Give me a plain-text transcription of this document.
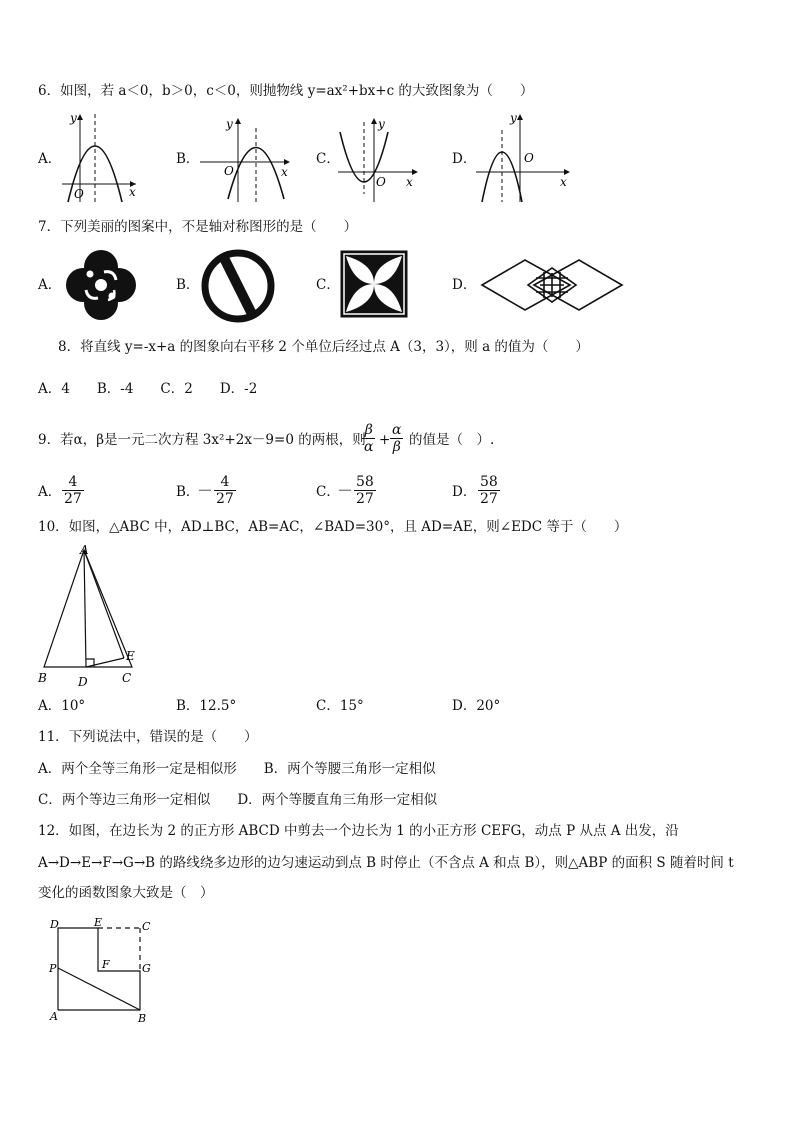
6．如图，若 a＜0，b＞0，c＜0，则抛物线 y=ax²+bx+c 的大致图象为（　　）
A．
y
O	x
B．
y
O	x
C．
y
O x
D．
y
O
x
7．下列美丽的图案中，不是轴对称图形的是（　　）
A．	B．	C．	D．
8．将直线 y=-x+a 的图象向右平移 2 个单位后经过点 A（3，3），则 a 的值为（　　）
A．4　　B．-4　　C．2　　D．-2
9．若α，β是一元二次方程 3x²+2x－9=0 的两根，则
$\frac{\beta}{\alpha} + \frac{\alpha}{\beta}$ 的值是（　）.
A． $\frac{4}{27}$	B．
－ $\frac{4}{27}$	C．
－ $\frac{58}{27}$	D． $\frac{58}{27}$
10．如图，△ABC 中，AD⊥BC，AB=AC，∠BAD=30°，且 AD=AE，则∠EDC 等于（　　）
A
B	D	C
E
A．10°	B．12.5°	C．15°	D．20°
11．下列说法中，错误的是（　　）
A．两个全等三角形一定是相似形　　B．两个等腰三角形一定相似
C．两个等边三角形一定相似　　D．两个等腰直角三角形一定相似
12．如图，在边长为 2 的正方形 ABCD 中剪去一个边长为 1 的小正方形 CEFG，动点 P 从点 A 出发，沿
A→D→E→F→G→B 的路线绕多边形的边匀速运动到点 B 时停止（不含点 A 和点 B），则△ABP 的面积 S 随着时间 t
变化的函数图象大致是（　）
D	E	C
F	G
P
A	B
